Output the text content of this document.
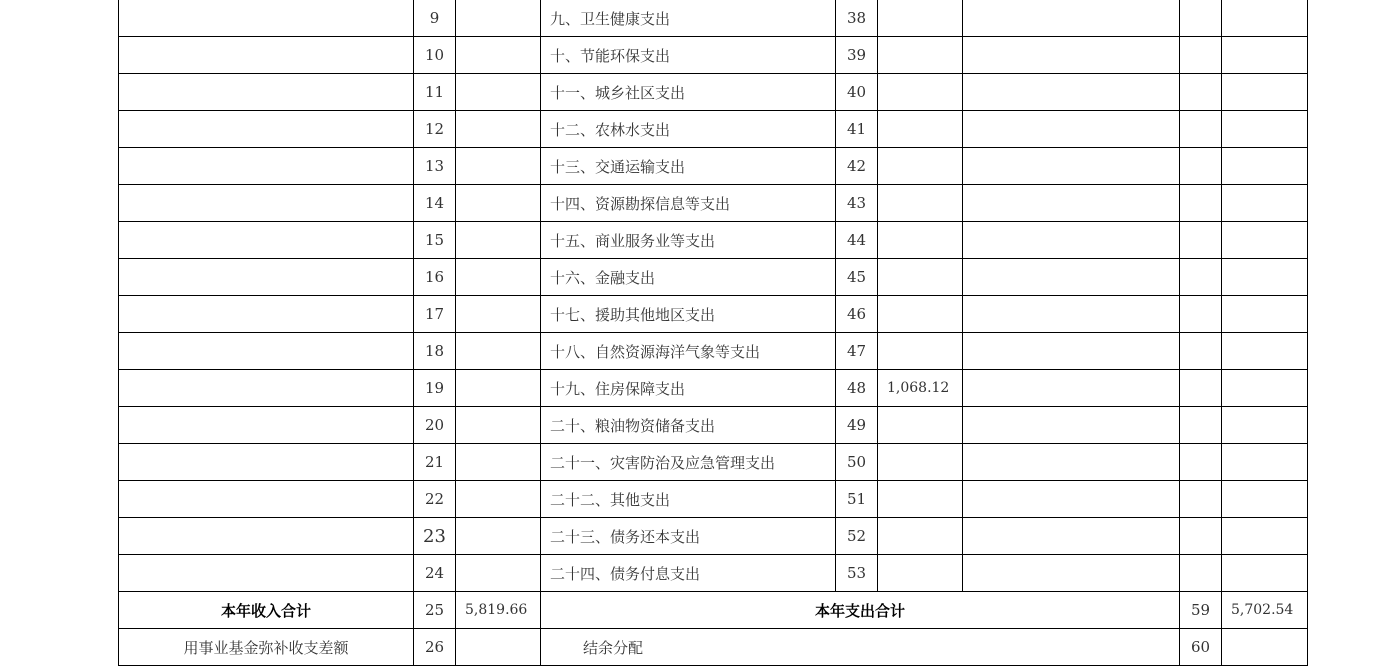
	9		九、卫生健康支出	38				
	10		十、节能环保支出	39				
	11		十一、城乡社区支出	40				
	12		十二、农林水支出	41				
	13		十三、交通运输支出	42				
	14		十四、资源勘探信息等支出	43				
	15		十五、商业服务业等支出	44				
	16		十六、金融支出	45				
	17		十七、援助其他地区支出	46				
	18		十八、自然资源海洋气象等支出	47				
	19		十九、住房保障支出	48	1,068.12			
	20		二十、粮油物资储备支出	49				
	21		二十一、灾害防治及应急管理支出	50				
	22		二十二、其他支出	51				
	23		二十三、债务还本支出	52				
	24		二十四、债务付息支出	53				
本年收入合计	25	5,819.66	本年支出合计				59	5,702.54
用事业基金弥补收支差额	26		结余分配				60	
